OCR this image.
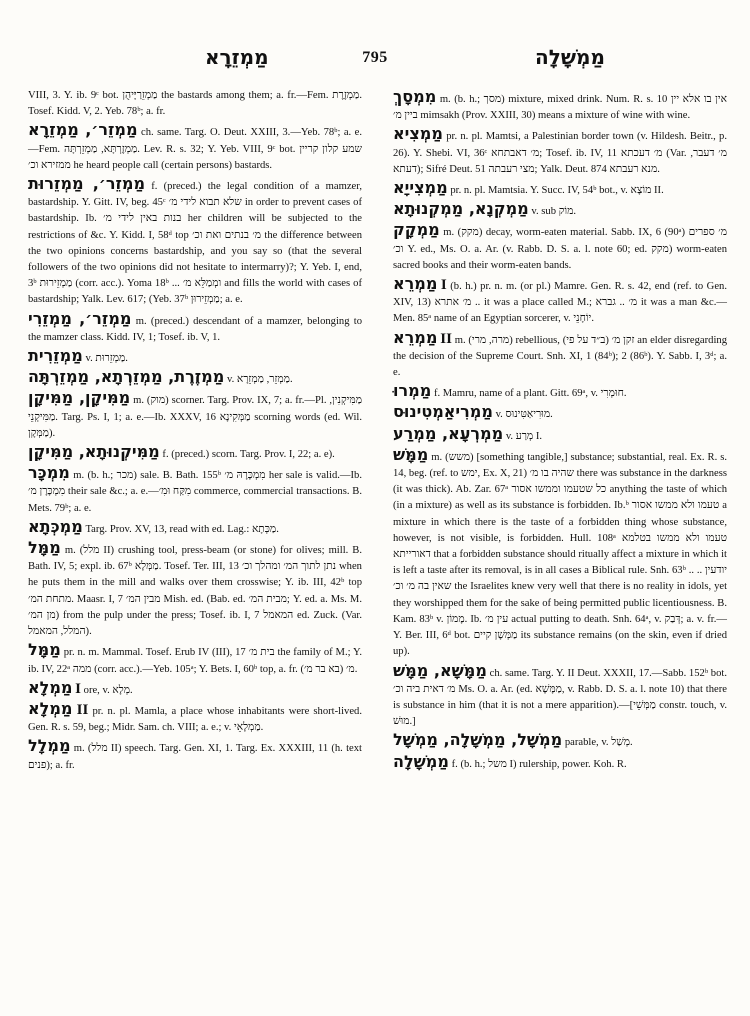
מַמְזֵרָא	795	מַמְשָׁלָה
VIII, 3. Y. ib. 9ᶜ bot. מַמְזֵרַיָּיהֻן the bastards among them; a. fr.—Fem. מַמְזֶרֶת. Tosef. Kidd. V, 2. Yeb. 78ᵇ; a. fr.
מַמְזֵר׳, מַמְזֵרָא ch. same. Targ. O. Deut. XXIII, 3.—Yeb. 78ᵇ; a. e.—Fem. מַמְזֶרְתָּא, מַמְזֵרְתָּה. Lev. R. s. 32; Y. Yeb. VIII, 9ᶜ bot. שמע קלון קריין ממזירא וכ׳ he heard people call (certain persons) bastards.
מַמְזֵר׳, מַמְזֵרוּת f. (preced.) the legal condition of a mamzer, bastardship. Y. Gitt. IV, beg. 45ᶜ שלא תבוא לידי מ׳ in order to prevent cases of bastardship. Ib. בנות באין לידי מ׳ her children will be subjected to the restrictions of &c. Y. Kidd. I, 58ᵈ top מ׳ בנתים ואת וכ׳ the difference between the two opinions concerns bastardship, and you say so (that the several followers of the two opinions did not hesitate to intermarry)?; Y. Yeb. I, end, 3ᵇ מַמְזֵירוּת (corr. acc.). Yoma 18ᵇ ... ומְמַלֵּא מ׳ and fills the world with cases of bastardship; Yalk. Lev. 617; (Yeb. 37ᵇ מַמְזֵירוּן; a. e.
מַמְזֵר׳, מַמְזֵרִי m. (preced.) descendant of a mamzer, belonging to the mamzer class. Kidd. IV, 1; Tosef. ib. V, 1.
מַמְזֵרִית v. מַמְזֵרוּת.
מַמְזֶרֶת, מַמְזֵרְתָא, מַמְזֵרְתָּה v. מַמְזֵר, מַמְזֵרָא.
מַמִּיקָן, מַמִּיקָן m. (מוק) scorner. Targ. Prov. IX, 7; a. fr.—Pl. מַמִּיקְנִין, מַמִּיקְנֵי. Targ. Ps. I, 1; a. e.—Ib. XXXV, 16 מַמְּקִינָא scorning words (ed. Wil. מַמְּקָן).
מַמִּיקְנוּתָא, מַמִּיקָן f. (preced.) scorn. Targ. Prov. I, 22; a. e).
מִמְכָּר m. (b. h.; מכר) sale. B. Bath. 155ᵇ מִמְכָּרָהּ מ׳ her sale is valid.—Ib. מִמְכָּרָן מ׳ their sale &c.; a. e.—מִקַּח וּמִ׳ commerce, commercial transactions. B. Mets. 79ᵇ; a. e.
מַמְכְּתָא Targ. Prov. XV, 13, read with ed. Lag.: מַכְּתָא.
מַמָּל m. (מלל II) crushing tool, press-beam (or stone) for olives; mill. B. Bath. IV, 5; expl. ib. 67ᵇ מַמְּלָא. Tosef. Ter. III, 13 נתן לתוך המ׳ ומהלך וכ׳ when he puts them in the mill and walks over them crosswise; Y. ib. III, 42ᵇ top מתחת המ׳. Maasr. I, 7 מבין המ׳ Mish. ed. (Bab. ed. מבית המ׳; Y. ed. a. Ms. M. מן המ׳) from the pulp under the press; Tosef. ib. I, 7 המאמל ed. Zuck. (Var. המלל, המאמל).
מַמָּל pr. n. m. Mammal. Tosef. Erub IV (III), 17 בית מ׳ the family of M.; Y. ib. IV, 22ᵃ ממה (corr. acc.).—Yeb. 105ᵃ; Y. Bets. I, 60ᵇ top, a. fr. מ׳ (בא בר מ׳).
מַמְלָא I ore, v. מְלָא.
מַמְלָא II pr. n. pl. Mamla, a place whose inhabitants were short-lived. Gen. R. s. 59, beg.; Midr. Sam. ch. VIII; a. e.; v. מַמְלָאֵי.
מַמְלָל m. (מלל II) speech. Targ. Gen. XI, 1. Targ. Ex. XXXIII, 11 (h. text פנים); a. fr.
מִמְסָךְ m. (b. h.; מסך) mixture, mixed drink. Num. R. s. 10 אין בו אלא יין ביין מ׳ mimsakh (Prov. XXIII, 30) means a mixture of wine with wine.
מַמְצִיא pr. n. pl. Mamtsi, a Palestinian border town (v. Hildesh. Beitr., p. 26). Y. Shebi. VI, 36ᶜ מ׳ דאבתחא; Tosef. ib. IV, 11 מ׳ דעכתא (Var. מ׳ דעבר, דעתא); Sifré Deut. 51 מצי רעבתה; Yalk. Deut. 874 מנא רעבתא.
מַמְצִייָא pr. n. pl. Mamtsia. Y. Succ. IV, 54ᵇ bot., v. מוֹצָא II.
מַמְקְנָא, מַמְקְנוּתָא v. sub מוֹק.
מַמְקָק m. (מקק) decay, worm-eaten material. Sabb. IX, 6 (90ᵃ) מ׳ ספרים וכ׳ Y. ed., Ms. O. a. Ar. (v. Rabb. D. S. a. l. note 60; ed. מקק) worm-eaten sacred books and their worm-eaten bands.
מַמְרֵא I (b. h.) pr. n. m. (or pl.) Mamre. Gen. R. s. 42, end (ref. to Gen. XIV, 13) מ׳ אתרא .. it was a place called M.; מ׳ .. גברא it was a man &c.—Men. 85ᵃ name of an Egyptian sorcerer, v. יוֹחָנֵי.
מַמְרֵא II m. (מרה, מרי) rebellious, (ב״ד על פי) זקן מ׳ an elder disregarding the decision of the Supreme Court. Snh. XI, 1 (84ᵇ); 2 (86ᵇ). Y. Sabb. I, 3ᵈ; a. e.
מַמְרוּ f. Mamru, name of a plant. Gitt. 69ᵃ, v. חוּמְרִי.
מַמְרִיאַמְטִינוּס v. מוּרִיאַטִּינוּס.
מַמְרְעָא, מַמְרַע v. מְרַע I.
מַמָּשׁ m. (משש) [something tangible,] substance; substantial, real. Ex. R. s. 14, beg. (ref. to ימש, Ex. X, 21) שהיה בו מ׳ there was substance in the darkness (it was thick). Ab. Zar. 67ᵃ כל שטעמו וממשו אסור anything the taste of which (in a mixture) as well as its substance is forbidden. Ib.ᵇ טעמו ולא ממשו אסור a mixture in which there is the taste of a forbidden thing whose substance, however, is not visible, is forbidden. Hull. 108ᵃ טעמו ולא ממשו בטלמא דאורייתא that a forbidden substance should ritually affect a mixture in which it is left a taste after its removal, is in all cases a Biblical rule. Snh. 63ᵇ .. יודעין .. שאין בה מ׳ וכ׳ the Israelites knew very well that there is no reality in idols, yet they worshipped them for the sake of being permitted public licentiousness. B. Kam. 83ᵇ v. מָמוֹן. Ib. עין מ׳ actual putting to death. Snh. 64ᵃ, v. דְּבַק; a. v. fr.—Y. Ber. III, 6ᵈ bot. מַמְּשָׁן קיים its substance remains (on the skin, even if dried up).
מַמָּשָׁא, מַמָּשׁ ch. same. Targ. Y. II Deut. XXXII, 17.—Sabb. 152ᵇ bot. מ׳ דאית ביה וכ׳ Ms. O. a. Ar. (ed. מַמָּשָׁא, v. Rabb. D. S. a. l. note 10) that there is substance in him (that it is not a mere apparition).—[מַמְּשֵׁי constr. touch, v. מוּשׁ.]
מַמְשָׁל, מַמְשָׁלָה, מַמְשָׁל parable, v. מְשַׁל.
מַמְשָׁלָה f. (b. h.; משל I) rulership, power. Koh. R.
